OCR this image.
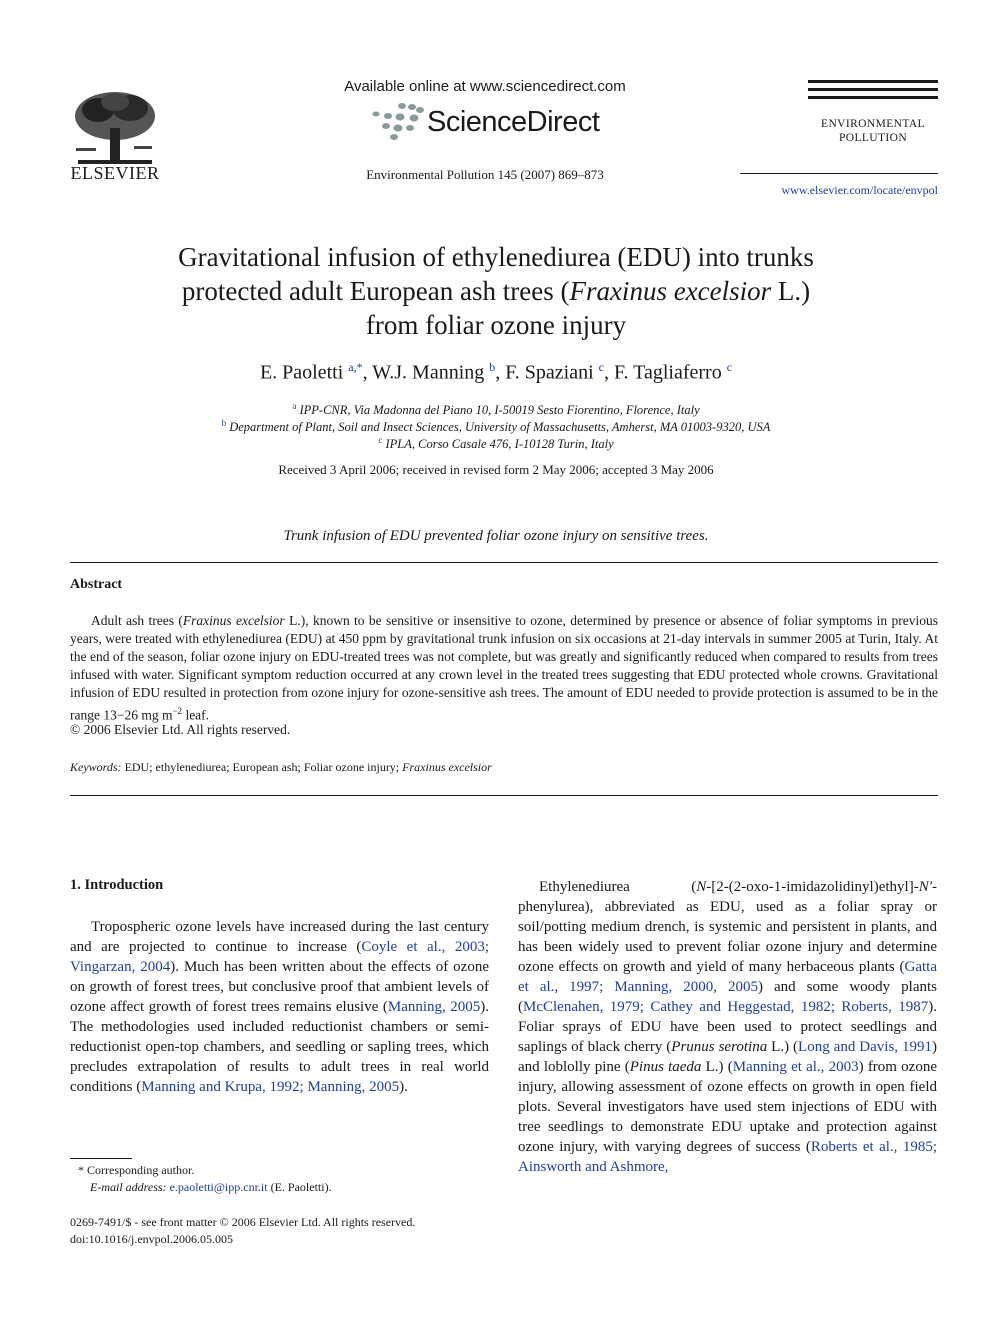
ELSEVIER
Available online at www.sciencedirect.com
ScienceDirect
Environmental Pollution 145 (2007) 869–873
ENVIRONMENTAL
POLLUTION
www.elsevier.com/locate/envpol
Gravitational infusion of ethylenediurea (EDU) into trunks
protected adult European ash trees (Fraxinus excelsior L.)
from foliar ozone injury
E. Paoletti $^{a,*}$, W.J. Manning $^b$, F. Spaziani $^c$, F. Tagliaferro $^c$
$^a$ IPP-CNR, Via Madonna del Piano 10, I-50019 Sesto Fiorentino, Florence, Italy
$^b$ Department of Plant, Soil and Insect Sciences, University of Massachusetts, Amherst, MA 01003-9320, USA
$^c$ IPLA, Corso Casale 476, I-10128 Turin, Italy
Received 3 April 2006; received in revised form 2 May 2006; accepted 3 May 2006
Trunk infusion of EDU prevented foliar ozone injury on sensitive trees.
Abstract
Adult ash trees (Fraxinus excelsior L.), known to be sensitive or insensitive to ozone, determined by presence or absence of foliar symptoms in previous years, were treated with ethylenediurea (EDU) at 450 ppm by gravitational trunk infusion on six occasions at 21-day intervals in summer 2005 at Turin, Italy. At the end of the season, foliar ozone injury on EDU-treated trees was not complete, but was greatly and significantly reduced when compared to results from trees infused with water. Significant symptom reduction occurred at any crown level in the treated trees suggesting that EDU protected whole crowns. Gravitational infusion of EDU resulted in protection from ozone injury for ozone-sensitive ash trees. The amount of EDU needed to provide protection is assumed to be in the range 13−26 mg $m^{-2}$ leaf.
© 2006 Elsevier Ltd. All rights reserved.
Keywords: EDU; ethylenediurea; European ash; Foliar ozone injury; Fraxinus excelsior
1. Introduction
Tropospheric ozone levels have increased during the last century and are projected to continue to increase (Coyle et al., 2003; Vingarzan, 2004). Much has been written about the effects of ozone on growth of forest trees, but conclusive proof that ambient levels of ozone affect growth of forest trees remains elusive (Manning, 2005). The methodologies used included reductionist chambers or semi-reductionist open-top chambers, and seedling or sapling trees, which precludes extrapolation of results to adult trees in real world conditions (Manning and Krupa, 1992; Manning, 2005).
Ethylenediurea (N-[2-(2-oxo-1-imidazolidinyl)ethyl]-N′-phenylurea), abbreviated as EDU, used as a foliar spray or soil/potting medium drench, is systemic and persistent in plants, and has been widely used to prevent foliar ozone injury and determine ozone effects on growth and yield of many herbaceous plants (Gatta et al., 1997; Manning, 2000, 2005) and some woody plants (McClenahen, 1979; Cathey and Heggestad, 1982; Roberts, 1987). Foliar sprays of EDU have been used to protect seedlings and saplings of black cherry (Prunus serotina L.) (Long and Davis, 1991) and loblolly pine (Pinus taeda L.) (Manning et al., 2003) from ozone injury, allowing assessment of ozone effects on growth in open field plots. Several investigators have used stem injections of EDU with tree seedlings to demonstrate EDU uptake and protection against ozone injury, with varying degrees of success (Roberts et al., 1985; Ainsworth and Ashmore,
* Corresponding author.
E-mail address: e.paoletti@ipp.cnr.it (E. Paoletti).
0269-7491/$ - see front matter © 2006 Elsevier Ltd. All rights reserved.
doi:10.1016/j.envpol.2006.05.005
